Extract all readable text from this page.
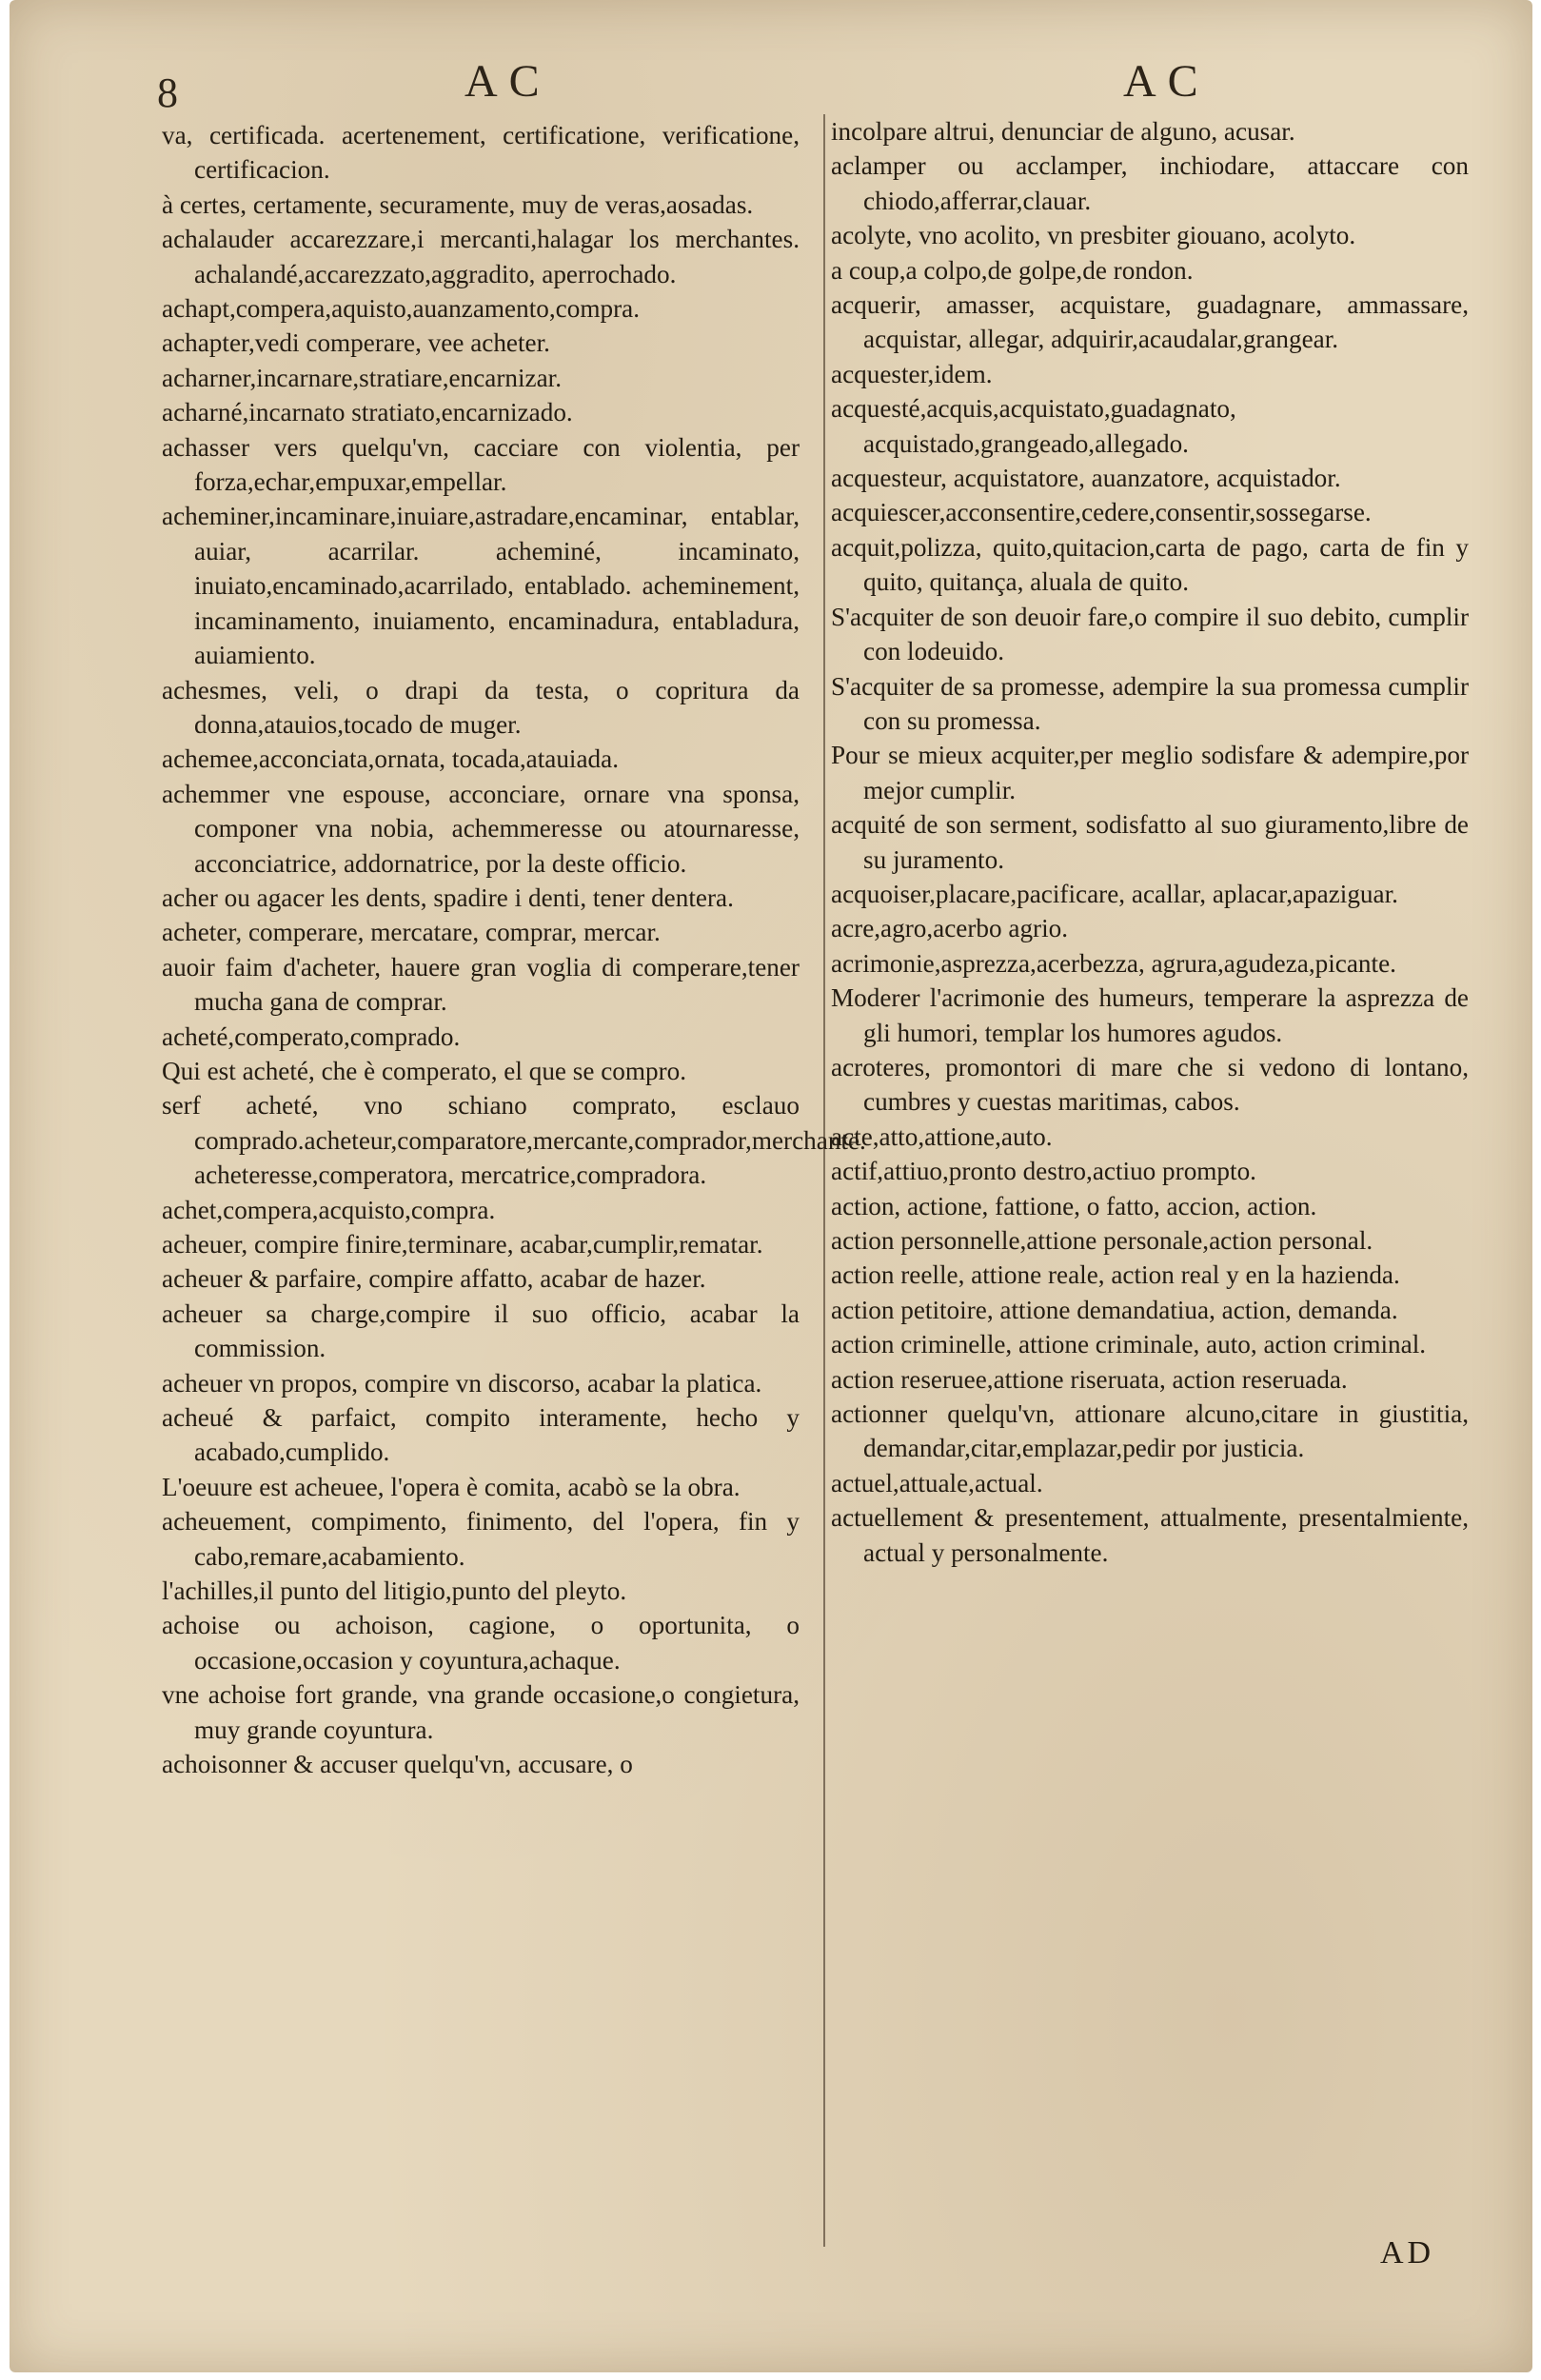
8	AC	AC
va, certificada. acertenement, certificatione, verificatione, certificacion.
à certes, certamente, securamente, muy de veras,aosadas.
achalauder accarezzare,i mercanti,halagar los merchantes. achalandé,accarezzato,aggradito, aperrochado.
achapt,compera,aquisto,auanzamento,compra.
achapter,vedi comperare, vee acheter.
acharner,incarnare,stratiare,encarnizar.
acharné,incarnato stratiato,encarnizado.
achasser vers quelqu'vn, cacciare con violentia, per forza,echar,empuxar,empellar.
acheminer,incaminare,inuiare,astradare,encaminar, entablar, auiar, acarrilar. acheminé, incaminato, inuiato,encaminado,acarrilado, entablado. acheminement, incaminamento, inuiamento, encaminadura, entabladura, auiamiento.
achesmes, veli, o drapi da testa, o copritura da donna,atauios,tocado de muger.
achemee,acconciata,ornata, tocada,atauiada.
achemmer vne espouse, acconciare, ornare vna sponsa, componer vna nobia, achemmeresse ou atournaresse, acconciatrice, addornatrice, por la deste officio.
acher ou agacer les dents, spadire i denti, tener dentera.
acheter, comperare, mercatare, comprar, mercar.
auoir faim d'acheter, hauere gran voglia di comperare,tener mucha gana de comprar.
acheté,comperato,comprado.
Qui est acheté, che è comperato, el que se compro.
serf acheté, vno schiano comprato, esclauo comprado.acheteur,comparatore,mercante,comprador,merchante. acheteresse,comperatora, mercatrice,compradora.
achet,compera,acquisto,compra.
acheuer, compire finire,terminare, acabar,cumplir,rematar.
acheuer & parfaire, compire affatto, acabar de hazer.
acheuer sa charge,compire il suo officio, acabar la commission.
acheuer vn propos, compire vn discorso, acabar la platica.
acheué & parfaict, compito interamente, hecho y acabado,cumplido.
L'oeuure est acheuee, l'opera è comita, acabò se la obra.
acheuement, compimento, finimento, del l'opera, fin y cabo,remare,acabamiento.
l'achilles,il punto del litigio,punto del pleyto.
achoise ou achoison, cagione, o oportunita, o occasione,occasion y coyuntura,achaque.
vne achoise fort grande, vna grande occasione,o congietura, muy grande coyuntura.
achoisonner & accuser quelqu'vn, accusare, o
incolpare altrui, denunciar de alguno, acusar.
aclamper ou acclamper, inchiodare, attaccare con chiodo,afferrar,clauar.
acolyte, vno acolito, vn presbiter giouano, acolyto.
a coup,a colpo,de golpe,de rondon.
acquerir, amasser, acquistare, guadagnare, ammassare, acquistar, allegar, adquirir,acaudalar,grangear.
acquester,idem.
acquesté,acquis,acquistato,guadagnato, acquistado,grangeado,allegado.
acquesteur, acquistatore, auanzatore, acquistador.
acquiescer,acconsentire,cedere,consentir,sossegarse.
acquit,polizza, quito,quitacion,carta de pago, carta de fin y quito, quitança, aluala de quito.
S'acquiter de son deuoir fare,o compire il suo debito, cumplir con lodeuido.
S'acquiter de sa promesse, adempire la sua promessa cumplir con su promessa.
Pour se mieux acquiter,per meglio sodisfare & adempire,por mejor cumplir.
acquité de son serment, sodisfatto al suo giuramento,libre de su juramento.
acquoiser,placare,pacificare, acallar, aplacar,apaziguar.
acre,agro,acerbo agrio.
acrimonie,asprezza,acerbezza, agrura,agudeza,picante.
Moderer l'acrimonie des humeurs, temperare la asprezza de gli humori, templar los humores agudos.
acroteres, promontori di mare che si vedono di lontano, cumbres y cuestas maritimas, cabos.
acte,atto,attione,auto.
actif,attiuo,pronto destro,actiuo prompto.
action, actione, fattione, o fatto, accion, action.
action personnelle,attione personale,action personal.
action reelle, attione reale, action real y en la hazienda.
action petitoire, attione demandatiua, action, demanda.
action criminelle, attione criminale, auto, action criminal.
action reseruee,attione riseruata, action reseruada.
actionner quelqu'vn, attionare alcuno,citare in giustitia, demandar,citar,emplazar,pedir por justicia.
actuel,attuale,actual.
actuellement & presentement, attualmente, presentalmiente, actual y personalmente.
AD
